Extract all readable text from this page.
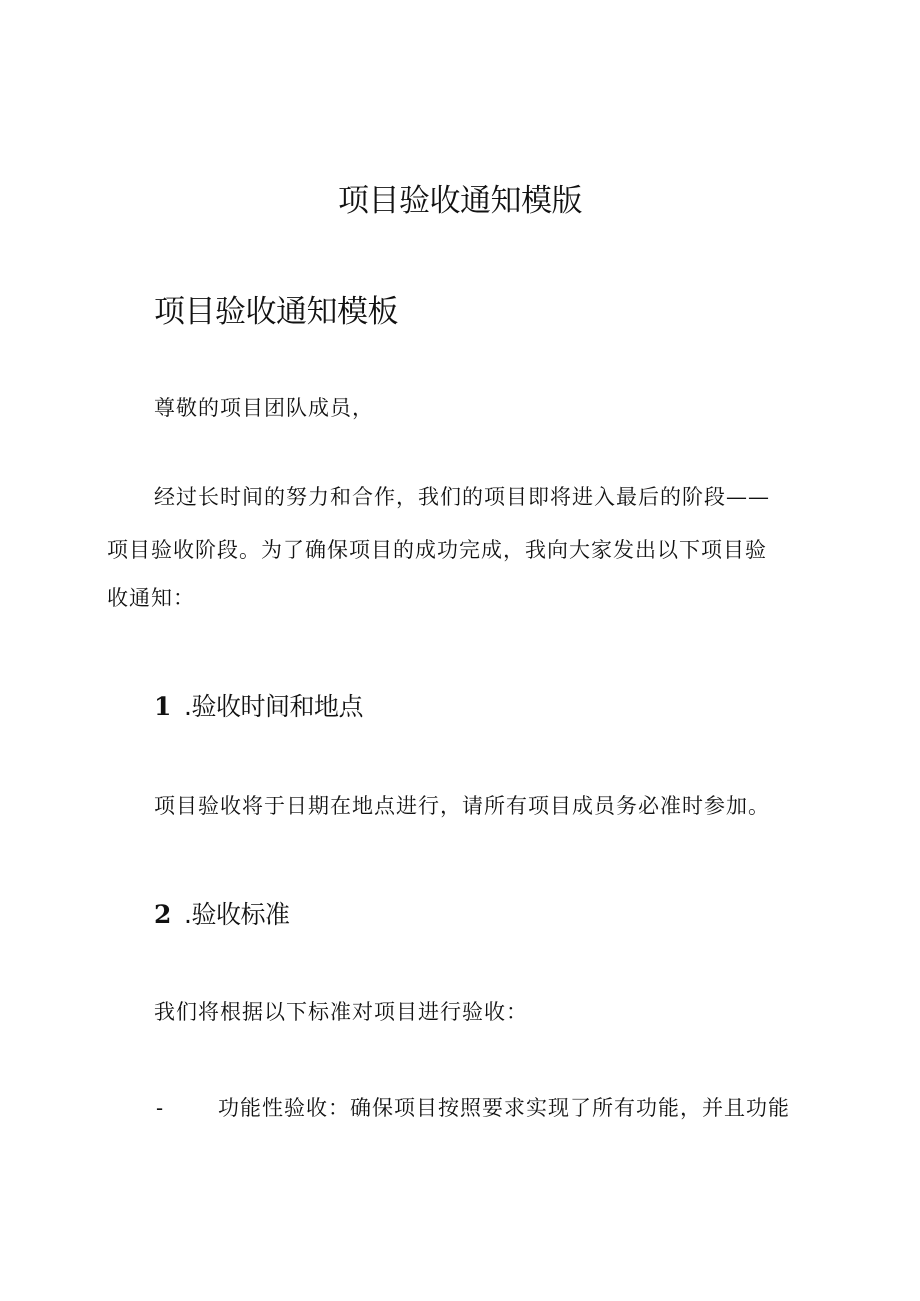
项目验收通知模版
项目验收通知模板
尊敬的项目团队成员，
经过长时间的努力和合作，我们的项目即将进入最后的阶段——
项目验收阶段。为了确保项目的成功完成，我向大家发出以下项目验
收通知：
1 .验收时间和地点
项目验收将于日期在地点进行，请所有项目成员务必准时参加。
2 .验收标准
我们将根据以下标准对项目进行验收：
-	功能性验收：确保项目按照要求实现了所有功能，并且功能
